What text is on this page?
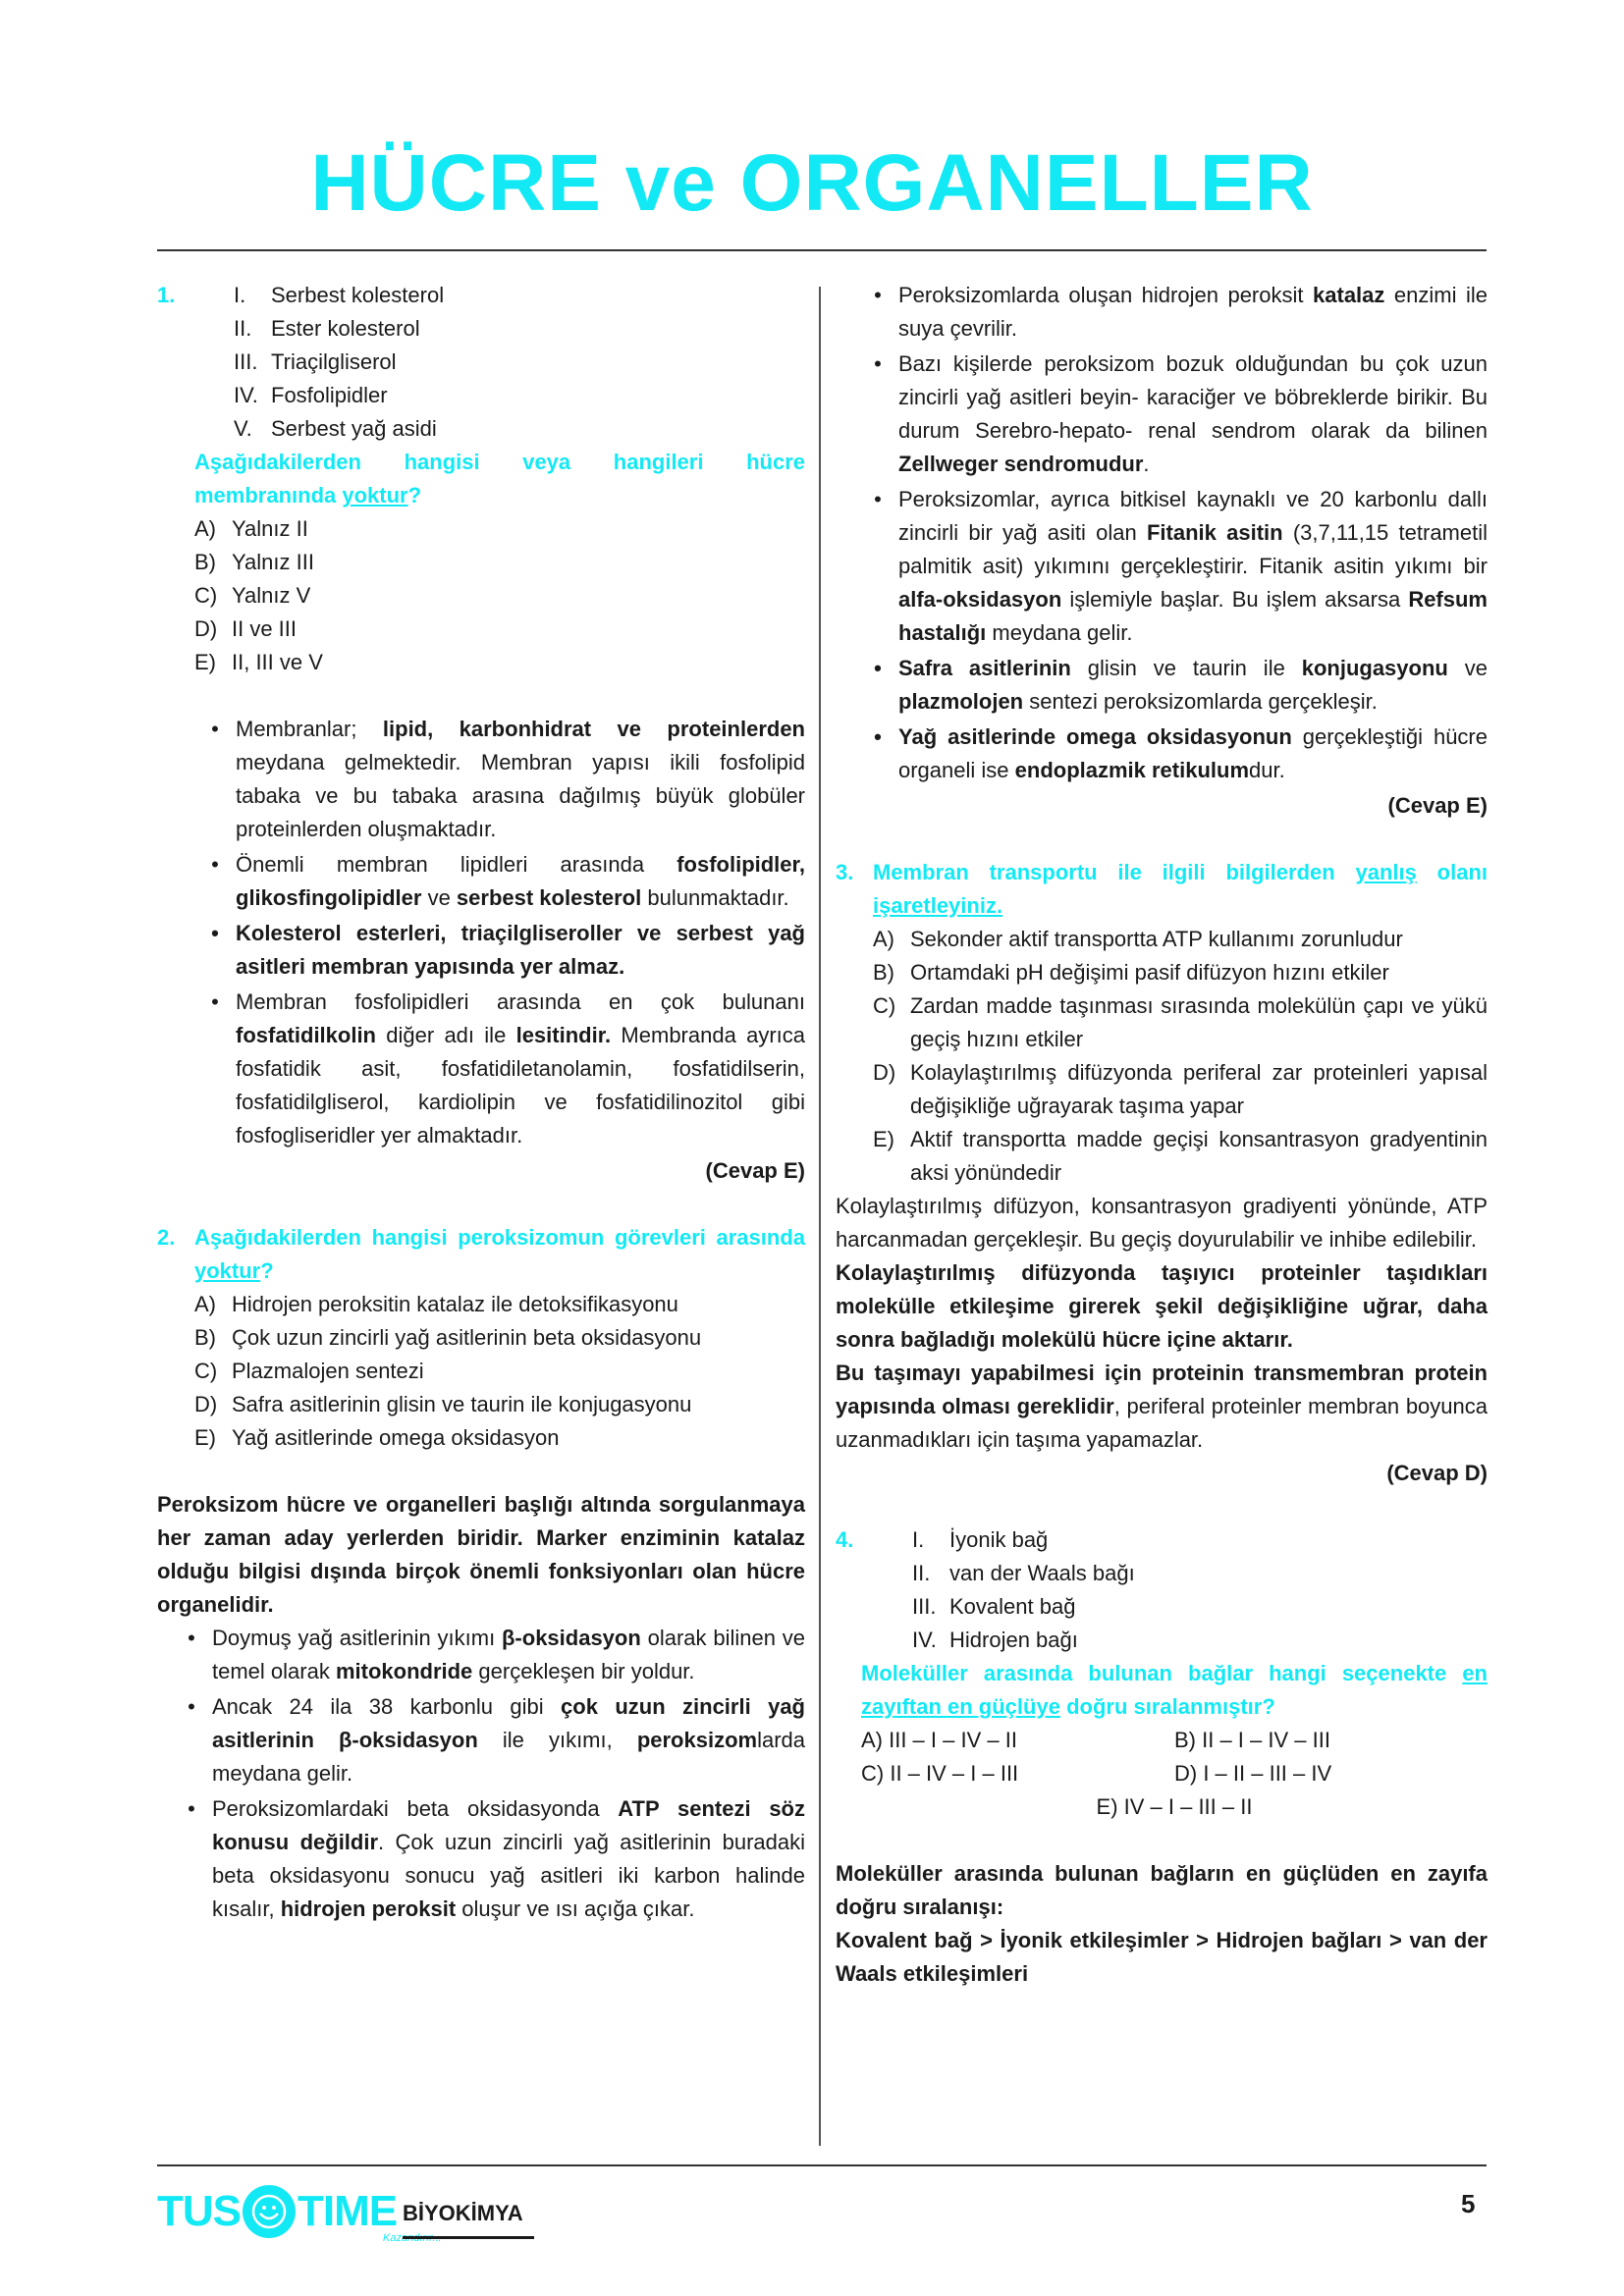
HÜCRE ve ORGANELLER
1.	I.	Serbest kolesterol
II. Ester kolesterol
III. Triaçilgliserol
IV. Fosfolipidler
V. Serbest yağ asidi
Aşağıdakilerden hangisi veya hangileri hücre membranında yoktur?
A) Yalnız II
B) Yalnız III
C) Yalnız V
D) II ve III
E) II, III ve V
• Membranlar; lipid, karbonhidrat ve proteinlerden meydana gelmektedir. Membran yapısı ikili fosfolipid tabaka ve bu tabaka arasına dağılmış büyük globüler proteinlerden oluşmaktadır.
• Önemli membran lipidleri arasında fosfolipidler, glikosfingolipidler ve serbest kolesterol bulunmaktadır.
• Kolesterol esterleri, triaçilgliseroller ve serbest yağ asitleri membran yapısında yer almaz.
• Membran fosfolipidleri arasında en çok bulunanı fosfatidilkolin diğer adı ile lesitindir. Membranda ayrıca fosfatidik asit, fosfatidiletanolamin, fosfatidilserin, fosfatidilgliserol, kardiolipin ve fosfatidilinozitol gibi fosfogliseridler yer almaktadır.
(Cevap E)
2. Aşağıdakilerden hangisi peroksizomun görevleri arasında yoktur?
A) Hidrojen peroksitin katalaz ile detoksifikasyonu
B) Çok uzun zincirli yağ asitlerinin beta oksidasyonu
C) Plazmalojen sentezi
D) Safra asitlerinin glisin ve taurin ile konjugasyonu
E) Yağ asitlerinde omega oksidasyon
Peroksizom hücre ve organelleri başlığı altında sorgulanmaya her zaman aday yerlerden biridir. Marker enziminin katalaz olduğu bilgisi dışında birçok önemli fonksiyonları olan hücre organelidir.
• Doymuş yağ asitlerinin yıkımı β-oksidasyon olarak bilinen ve temel olarak mitokondride gerçekleşen bir yoldur.
• Ancak 24 ila 38 karbonlu gibi çok uzun zincirli yağ asitlerinin β-oksidasyon ile yıkımı, peroksizomlarda meydana gelir.
• Peroksizomlardaki beta oksidasyonda ATP sentezi söz konusu değildir. Çok uzun zincirli yağ asitlerinin buradaki beta oksidasyonu sonucu yağ asitleri iki karbon halinde kısalır, hidrojen peroksit oluşur ve ısı açığa çıkar.
• Peroksizomlarda oluşan hidrojen peroksit katalaz enzimi ile suya çevrilir.
• Bazı kişilerde peroksizom bozuk olduğundan bu çok uzun zincirli yağ asitleri beyin- karaciğer ve böbreklerde birikir. Bu durum Serebro-hepato- renal sendrom olarak da bilinen Zellweger sendromudur.
• Peroksizomlar, ayrıca bitkisel kaynaklı ve 20 karbonlu dallı zincirli bir yağ asiti olan Fitanik asitin (3,7,11,15 tetrametil palmitik asit) yıkımını gerçekleştirir. Fitanik asitin yıkımı bir alfa-oksidasyon işlemiyle başlar. Bu işlem aksarsa Refsum hastalığı meydana gelir.
• Safra asitlerinin glisin ve taurin ile konjugasyonu ve plazmolojen sentezi peroksizomlarda gerçekleşir.
• Yağ asitlerinde omega oksidasyonun gerçekleştiği hücre organeli ise endoplazmik retikulumdur.
(Cevap E)
3. Membran transportu ile ilgili bilgilerden yanlış olanı işaretleyiniz.
A) Sekonder aktif transportta ATP kullanımı zorunludur
B) Ortamdaki pH değişimi pasif difüzyon hızını etkiler
C) Zardan madde taşınması sırasında molekülün çapı ve yükü geçiş hızını etkiler
D) Kolaylaştırılmış difüzyonda periferal zar proteinleri yapısal değişikliğe uğrayarak taşıma yapar
E) Aktif transportta madde geçişi konsantrasyon gradyentinin aksi yönündedir
Kolaylaştırılmış difüzyon, konsantrasyon gradiyenti yönünde, ATP harcanmadan gerçekleşir. Bu geçiş doyurulabilir ve inhibe edilebilir.
Kolaylaştırılmış difüzyonda taşıyıcı proteinler taşıdıkları molekülle etkileşime girerek şekil değişikliğine uğrar, daha sonra bağladığı molekülü hücre içine aktarır.
Bu taşımayı yapabilmesi için proteinin transmembran protein yapısında olması gereklidir, periferal proteinler membran boyunca uzanmadıkları için taşıma yapamazlar.
(Cevap D)
4.	I.	İyonik bağ
II. van der Waals bağı
III. Kovalent bağ
IV. Hidrojen bağı
Moleküller arasında bulunan bağlar hangi seçenekte en zayıftan en güçlüye doğru sıralanmıştır?
A) III – I – IV – II	B) II – I – IV – III
C) II – IV – I – III	D) I – II – III – IV
E) IV – I – III – II
Moleküller arasında bulunan bağların en güçlüden en zayıfa doğru sıralanışı:
Kovalent bağ > İyonik etkileşimler > Hidrojen bağları > van der Waals etkileşimleri
TUS TIME
Kazandırır...
BİYOKİMYA	5
